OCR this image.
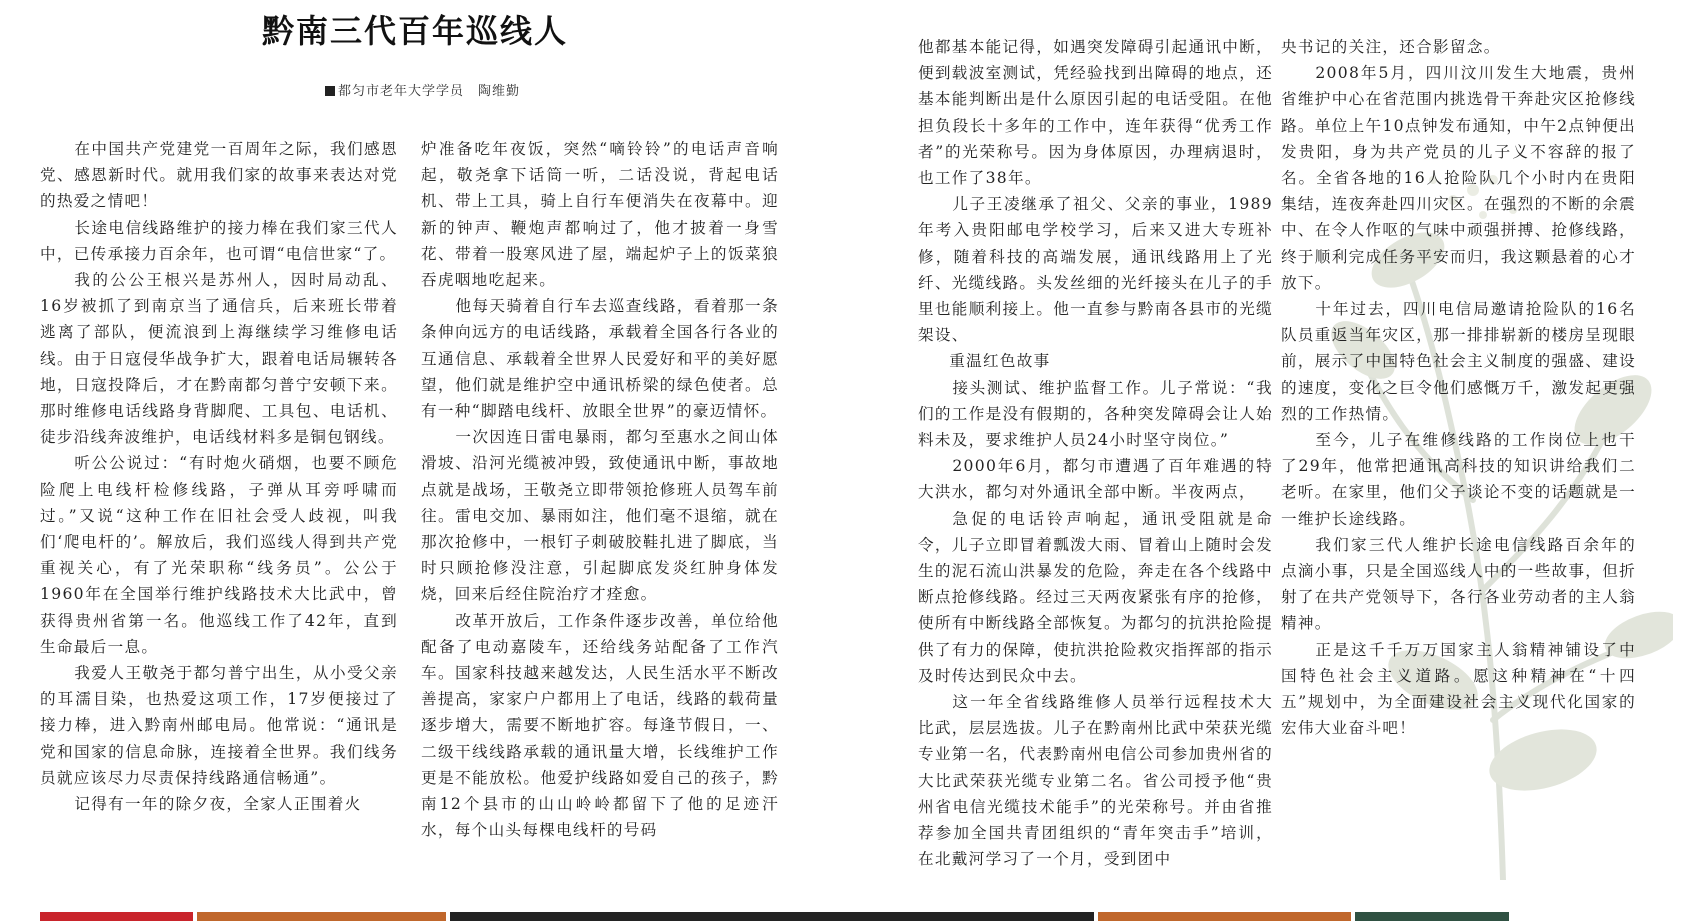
黔南三代百年巡线人
都匀市老年大学学员　陶维勤

在中国共产党建党一百周年之际，我们感恩党、感恩新时代。就用我们家的故事来表达对党的热爱之情吧！

长途电信线路维护的接力棒在我们家三代人中，已传承接力百余年，也可谓“电信世家“了。

我的公公王根兴是苏州人，因时局动乱、16岁被抓了到南京当了通信兵，后来班长带着逃离了部队，便流浪到上海继续学习维修电话线。由于日寇侵华战争扩大，跟着电话局辗转各地，日寇投降后，才在黔南都匀普宁安顿下来。那时维修电话线路身背脚爬、工具包、电话机、徒步沿线奔波维护，电话线材料多是铜包钢线。

听公公说过：“有时炮火硝烟，也要不顾危险爬上电线杆检修线路，子弹从耳旁呼啸而过。”又说“这种工作在旧社会受人歧视，叫我们‘爬电杆的’。解放后，我们巡线人得到共产党重视关心，有了光荣职称“线务员”。公公于1960年在全国举行维护线路技术大比武中，曾获得贵州省第一名。他巡线工作了42年，直到生命最后一息。

我爱人王敬尧于都匀普宁出生，从小受父亲的耳濡目染，也热爱这项工作，17岁便接过了接力棒，进入黔南州邮电局。他常说：“通讯是党和国家的信息命脉，连接着全世界。我们线务员就应该尽力尽责保持线路通信畅通”。

记得有一年的除夕夜，全家人正围着火

炉准备吃年夜饭，突然“嘀铃铃”的电话声音响起，敬尧拿下话筒一听，二话没说，背起电话机、带上工具，骑上自行车便消失在夜幕中。迎新的钟声、鞭炮声都响过了，他才披着一身雪花、带着一股寒风进了屋，端起炉子上的饭菜狼吞虎咽地吃起来。

他每天骑着自行车去巡查线路，看着那一条条伸向远方的电话线路，承载着全国各行各业的互通信息、承载着全世界人民爱好和平的美好愿望，他们就是维护空中通讯桥梁的绿色使者。总有一种“脚踏电线杆、放眼全世界”的豪迈情怀。

一次因连日雷电暴雨，都匀至惠水之间山体滑坡、沿河光缆被冲毁，致使通讯中断，事故地点就是战场，王敬尧立即带领抢修班人员驾车前往。雷电交加、暴雨如注，他们毫不退缩，就在那次抢修中，一根钉子刺破胶鞋扎进了脚底，当时只顾抢修没注意，引起脚底发炎红肿身体发烧，回来后经住院治疗才痊愈。

改革开放后，工作条件逐步改善，单位给他配备了电动嘉陵车，还给线务站配备了工作汽车。国家科技越来越发达，人民生活水平不断改善提高，家家户户都用上了电话，线路的载荷量逐步增大，需要不断地扩容。每逢节假日，一、二级干线线路承载的通讯量大增，长线维护工作更是不能放松。他爱护线路如爱自己的孩子，黔南12个县市的山山岭岭都留下了他的足迹汗水，每个山头每棵电线杆的号码

他都基本能记得，如遇突发障碍引起通讯中断，便到载波室测试，凭经验找到出障碍的地点，还基本能判断出是什么原因引起的电话受阻。在他担负段长十多年的工作中，连年获得“优秀工作者”的光荣称号。因为身体原因，办理病退时，也工作了38年。

儿子王凌继承了祖父、父亲的事业，1989年考入贵阳邮电学校学习，后来又进大专班补修，随着科技的高端发展，通讯线路用上了光纤、光缆线路。头发丝细的光纤接头在儿子的手里也能顺利接上。他一直参与黔南各县市的光缆架设、

重温红色故事

接头测试、维护监督工作。儿子常说：“我们的工作是没有假期的，各种突发障碍会让人始料未及，要求维护人员24小时坚守岗位。”

2000年6月，都匀市遭遇了百年难遇的特大洪水，都匀对外通讯全部中断。半夜两点，

急促的电话铃声响起，通讯受阻就是命令，儿子立即冒着瓢泼大雨、冒着山上随时会发生的泥石流山洪暴发的危险，奔走在各个线路中断点抢修线路。经过三天两夜紧张有序的抢修，使所有中断线路全部恢复。为都匀的抗洪抢险提供了有力的保障，使抗洪抢险救灾指挥部的指示及时传达到民众中去。

这一年全省线路维修人员举行远程技术大比武，层层选拔。儿子在黔南州比武中荣获光缆专业第一名，代表黔南州电信公司参加贵州省的大比武荣获光缆专业第二名。省公司授予他“贵州省电信光缆技术能手”的光荣称号。并由省推荐参加全国共青团组织的“青年突击手”培训，在北戴河学习了一个月，受到团中

央书记的关注，还合影留念。

2008年5月，四川汶川发生大地震，贵州省维护中心在省范围内挑选骨干奔赴灾区抢修线路。单位上午10点钟发布通知，中午2点钟便出发贵阳，身为共产党员的儿子义不容辞的报了名。全省各地的16人抢险队几个小时内在贵阳集结，连夜奔赴四川灾区。在强烈的不断的余震中、在令人作呕的气味中顽强拼搏、抢修线路，终于顺利完成任务平安而归，我这颗悬着的心才放下。

十年过去，四川电信局邀请抢险队的16名队员重返当年灾区，那一排排崭新的楼房呈现眼前，展示了中国特色社会主义制度的强盛、建设的速度，变化之巨令他们感慨万千，激发起更强烈的工作热情。

至今，儿子在维修线路的工作岗位上也干了29年，他常把通讯高科技的知识讲给我们二老听。在家里，他们父子谈论不变的话题就是一一维护长途线路。

我们家三代人维护长途电信线路百余年的点滴小事，只是全国巡线人中的一些故事，但折射了在共产党领导下，各行各业劳动者的主人翁精神。

正是这千千万万国家主人翁精神铺设了中国特色社会主义道路。愿这种精神在“十四五”规划中，为全面建设社会主义现代化国家的宏伟大业奋斗吧！
